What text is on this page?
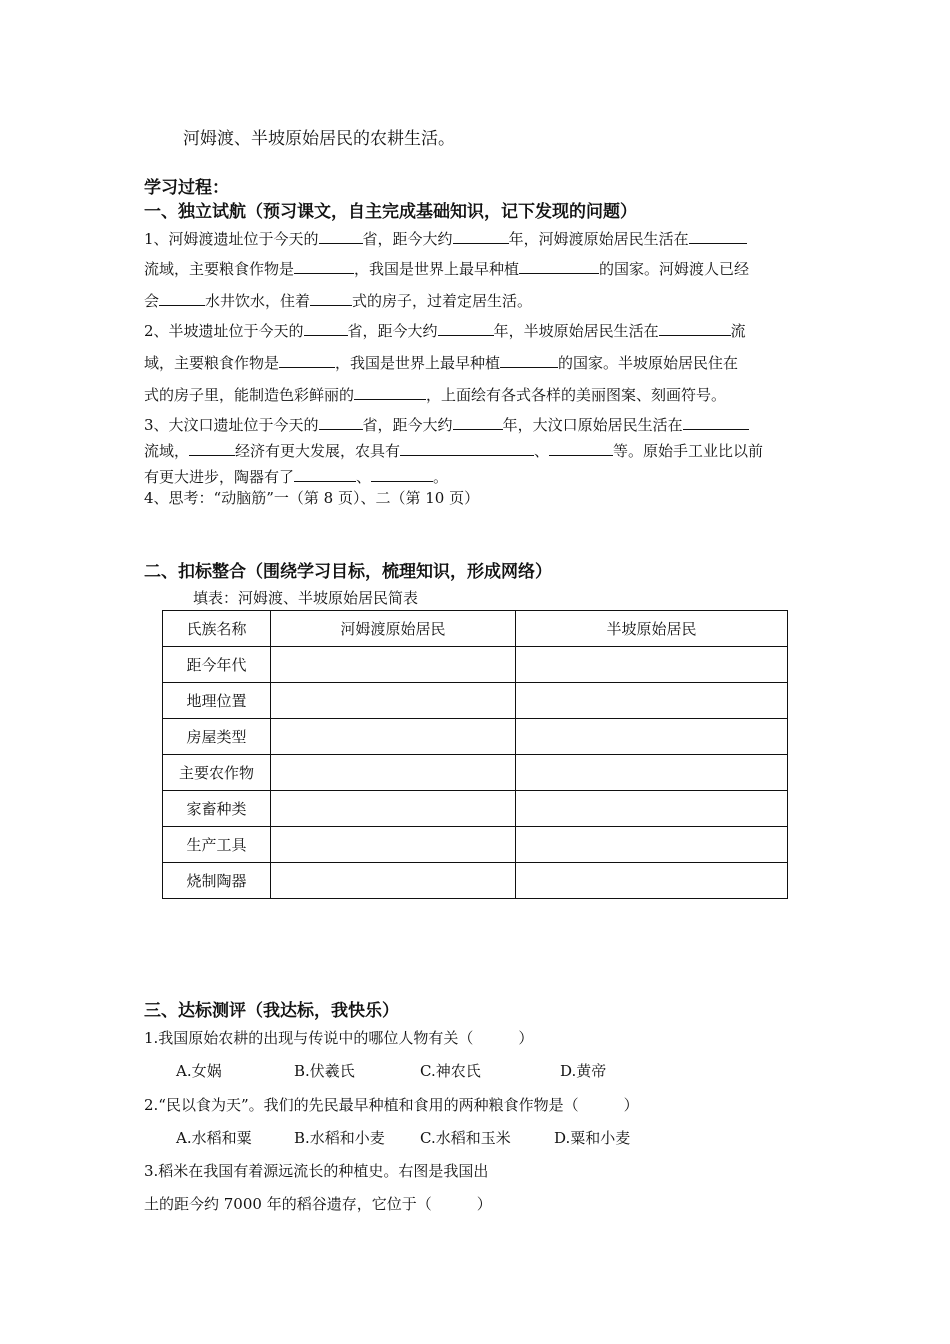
河姆渡、半坡原始居民的农耕生活。
学习过程：
一、独立试航（预习课文，自主完成基础知识，记下发现的问题）
1、河姆渡遗址位于今天的	省，距今大约	年，河姆渡原始居民生活在
流域，主要粮食作物是	，我国是世界上最早种植	的国家。河姆渡人已经
会	水井饮水，住着	式的房子，过着定居生活。
2、半坡遗址位于今天的	省，距今大约	年，半坡原始居民生活在	流
域，主要粮食作物是	，我国是世界上最早种植	的国家。半坡原始居民住在
式的房子里，能制造色彩鲜丽的	，上面绘有各式各样的美丽图案、刻画符号。
3、大汶口遗址位于今天的	省，距今大约	年，大汶口原始居民生活在
流域，	经济有更大发展，农具有	、	等。原始手工业比以前
有更大进步，陶器有了	、	。
4、思考：“动脑筋”一（第 8 页）、二（第 10 页）
二、扣标整合（围绕学习目标，梳理知识，形成网络）
填表：河姆渡、半坡原始居民简表
氏族名称	河姆渡原始居民	半坡原始居民
距今年代		
地理位置		
房屋类型		
主要农作物		
家畜种类		
生产工具		
烧制陶器		
三、达标测评（我达标，我快乐）
1.我国原始农耕的出现与传说中的哪位人物有关（　　　）
A.女娲	B.伏羲氏	C.神农氏	D.黄帝
2.“民以食为天”。我们的先民最早种植和食用的两种粮食作物是（　　　）
A.水稻和粟	B.水稻和小麦 C.水稻和玉米	D.粟和小麦
3.稻米在我国有着源远流长的种植史。右图是我国出
土的距今约 7000 年的稻谷遗存，它位于（　　　）
